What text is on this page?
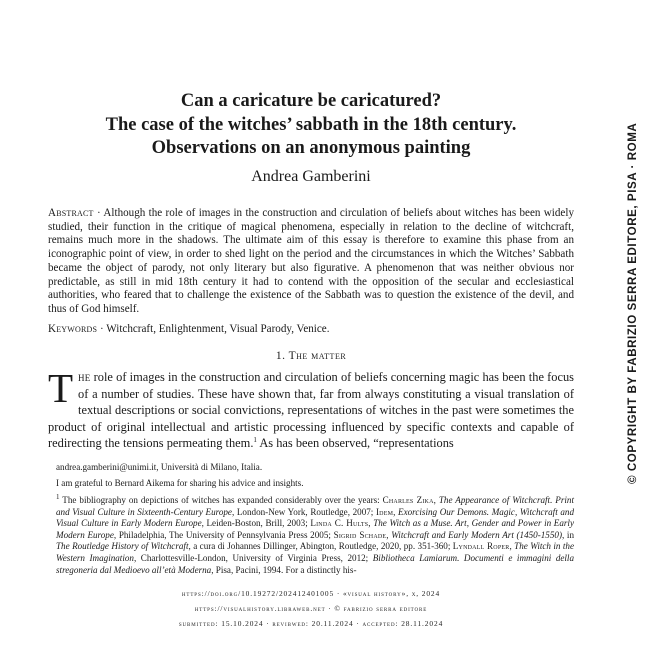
Can a caricature be caricatured?
The case of the witches’ sabbath in the 18th century.
Observations on an anonymous painting
Andrea Gamberini
Abstract · Although the role of images in the construction and circulation of beliefs about witches has been widely studied, their function in the critique of magical phenomena, especially in relation to the decline of witchcraft, remains much more in the shadows. The ultimate aim of this essay is therefore to examine this phase from an iconographic point of view, in order to shed light on the period and the circumstances in which the Witches’ Sabbath became the object of parody, not only literary but also figurative. A phenomenon that was neither obvious nor predictable, as still in mid 18th century it had to contend with the opposition of the secular and ecclesiastical authorities, who feared that to challenge the existence of the Sabbath was to question the existence of the devil, and thus of God himself.
Keywords · Witchcraft, Enlightenment, Visual Parody, Venice.
1. The matter
The role of images in the construction and circulation of beliefs concerning magic has been the focus of a number of studies. These have shown that, far from always constituting a visual translation of textual descriptions or social convictions, representations of witches in the past were sometimes the product of original intellectual and artistic processing influenced by specific contexts and capable of redirecting the tensions permeating them.$^1$ As has been observed, “representations
andrea.gamberini@unimi.it, Università di Milano, Italia.
I am grateful to Bernard Aikema for sharing his advice and insights.
$^1$ The bibliography on depictions of witches has expanded considerably over the years: Charles Zika, The Appearance of Witchcraft. Print and Visual Culture in Sixteenth-Century Europe, London-New York, Routledge, 2007; Idem, Exorcising Our Demons. Magic, Witchcraft and Visual Culture in Early Modern Europe, Leiden-Boston, Brill, 2003; Linda C. Hults, The Witch as a Muse. Art, Gender and Power in Early Modern Europe, Philadelphia, The University of Pennsylvania Press 2005; Sigrid Schade, Witchcraft and Early Modern Art (1450-1550), in The Routledge History of Witchcraft, a cura di Johannes Dillinger, Abington, Routledge, 2020, pp. 351-360; Lyndall Roper, The Witch in the Western Imagination, Charlottesville-London, University of Virginia Press, 2012; Bibliotheca Lamiarum. Documenti e immagini della stregoneria dal Medioevo all’età Moderna, Pisa, Pacini, 1994. For a distinctly his-
https://doi.org/10.19272/202412401005 · «visual history», x, 2024
https://visualhistory.libraweb.net · © fabrizio serra editore
submitted: 15.10.2024 · revibwed: 20.11.2024 · accepted: 28.11.2024
© COPYRIGHT BY FABRIZIO SERRA EDITORE, PISA · ROMA
